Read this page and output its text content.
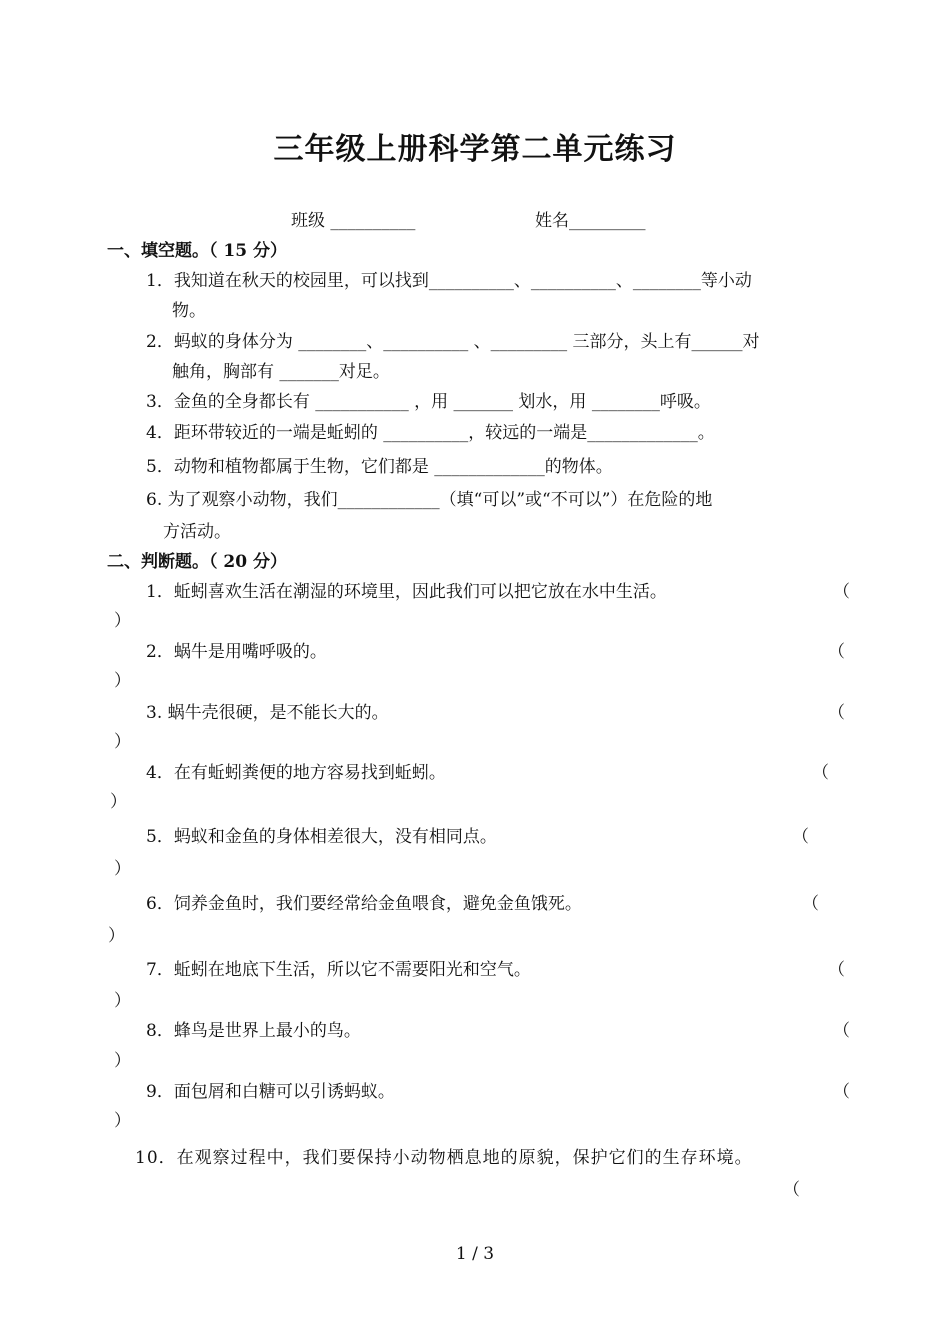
三年级上册科学第二单元练习
班级 __________	姓名_________
一、填空题。（ 15 分）
1．我知道在秋天的校园里，可以找到__________、__________、________等小动
物。
2．蚂蚁的身体分为 ________、__________ 、_________ 三部分，头上有______对
触角，胸部有 _______对足。
3．金鱼的全身都长有 ___________ ，用 _______ 划水，用 ________呼吸。
4．距环带较近的一端是蚯蚓的 __________，较远的一端是_____________。
5．动物和植物都属于生物，它们都是 _____________的物体。
6. 为了观察小动物，我们____________（填“可以”或“不可以”）在危险的地
方活动。
二、判断题。（ 20 分）
1．蚯蚓喜欢生活在潮湿的环境里，因此我们可以把它放在水中生活。	（
）
2．蜗牛是用嘴呼吸的。	（
）
3. 蜗牛壳很硬，是不能长大的。	（
）
4．在有蚯蚓粪便的地方容易找到蚯蚓。	（
）
5．蚂蚁和金鱼的身体相差很大，没有相同点。	（
）
6．饲养金鱼时，我们要经常给金鱼喂食，避免金鱼饿死。	（
）
7．蚯蚓在地底下生活，所以它不需要阳光和空气。	（
）
8．蜂鸟是世界上最小的鸟。	（
）
9．面包屑和白糖可以引诱蚂蚁。	（
）
10．在观察过程中，我们要保持小动物栖息地的原貌，保护它们的生存环境。
（
1 / 3
